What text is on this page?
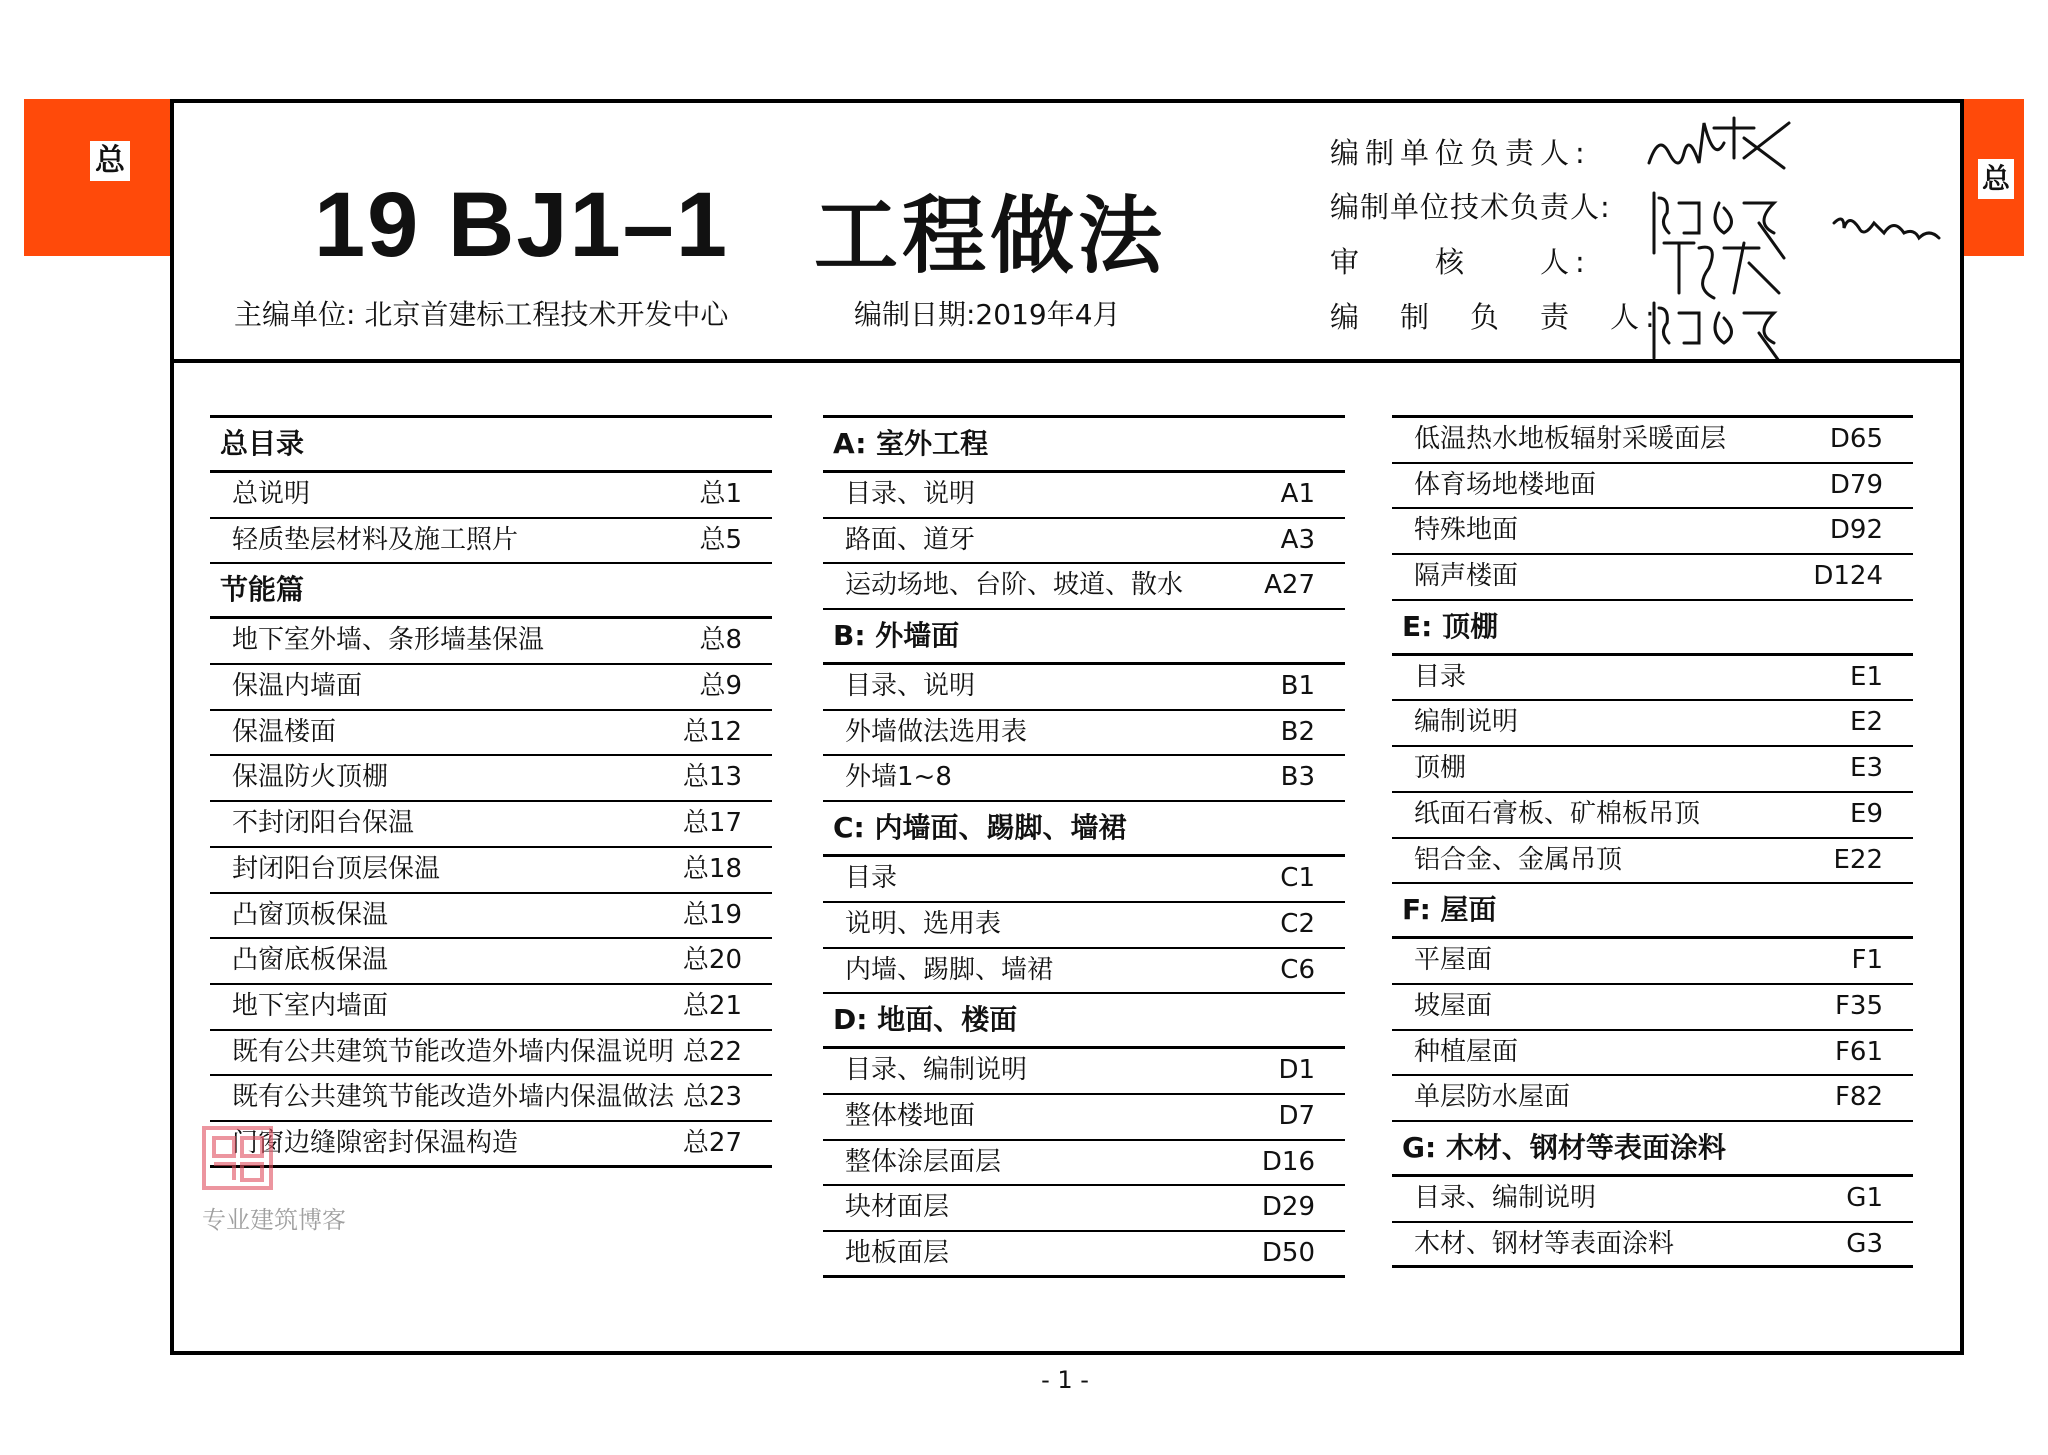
总
总
19 BJ1–1 工程做法
主编单位: 北京首建标工程技术开发中心	编制日期:2019年4月
编制单位负责人:
编制单位技术负责人:
审　　核　　人:
编　制　负　责　人:
总目录
总说明	总1
轻质垫层材料及施工照片	总5
节能篇
地下室外墙、条形墙基保温	总8
保温内墙面	总9
保温楼面	总12
保温防火顶棚	总13
不封闭阳台保温	总17
封闭阳台顶层保温	总18
凸窗顶板保温	总19
凸窗底板保温	总20
地下室内墙面	总21
既有公共建筑节能改造外墙内保温说明 总22
既有公共建筑节能改造外墙内保温做法 总23
门窗边缝隙密封保温构造	总27
A: 室外工程
目录、说明	A1
路面、道牙	A3
运动场地、台阶、坡道、散水	A27
B: 外墙面
目录、说明	B1
外墙做法选用表	B2
外墙1~8	B3
C: 内墙面、踢脚、墙裙
目录	C1
说明、选用表	C2
内墙、踢脚、墙裙	C6
D: 地面、楼面
目录、编制说明	D1
整体楼地面	D7
整体涂层面层	D16
块材面层	D29
地板面层	D50
低温热水地板辐射采暖面层	D65
体育场地楼地面	D79
特殊地面	D92
隔声楼面	D124
E: 顶棚
目录	E1
编制说明	E2
顶棚	E3
纸面石膏板、矿棉板吊顶	E9
铝合金、金属吊顶	E22
F: 屋面
平屋面	F1
坡屋面	F35
种植屋面	F61
单层防水屋面	F82
G: 木材、钢材等表面涂料
目录、编制说明	G1
木材、钢材等表面涂料	G3
专业建筑博客
- 1 -
